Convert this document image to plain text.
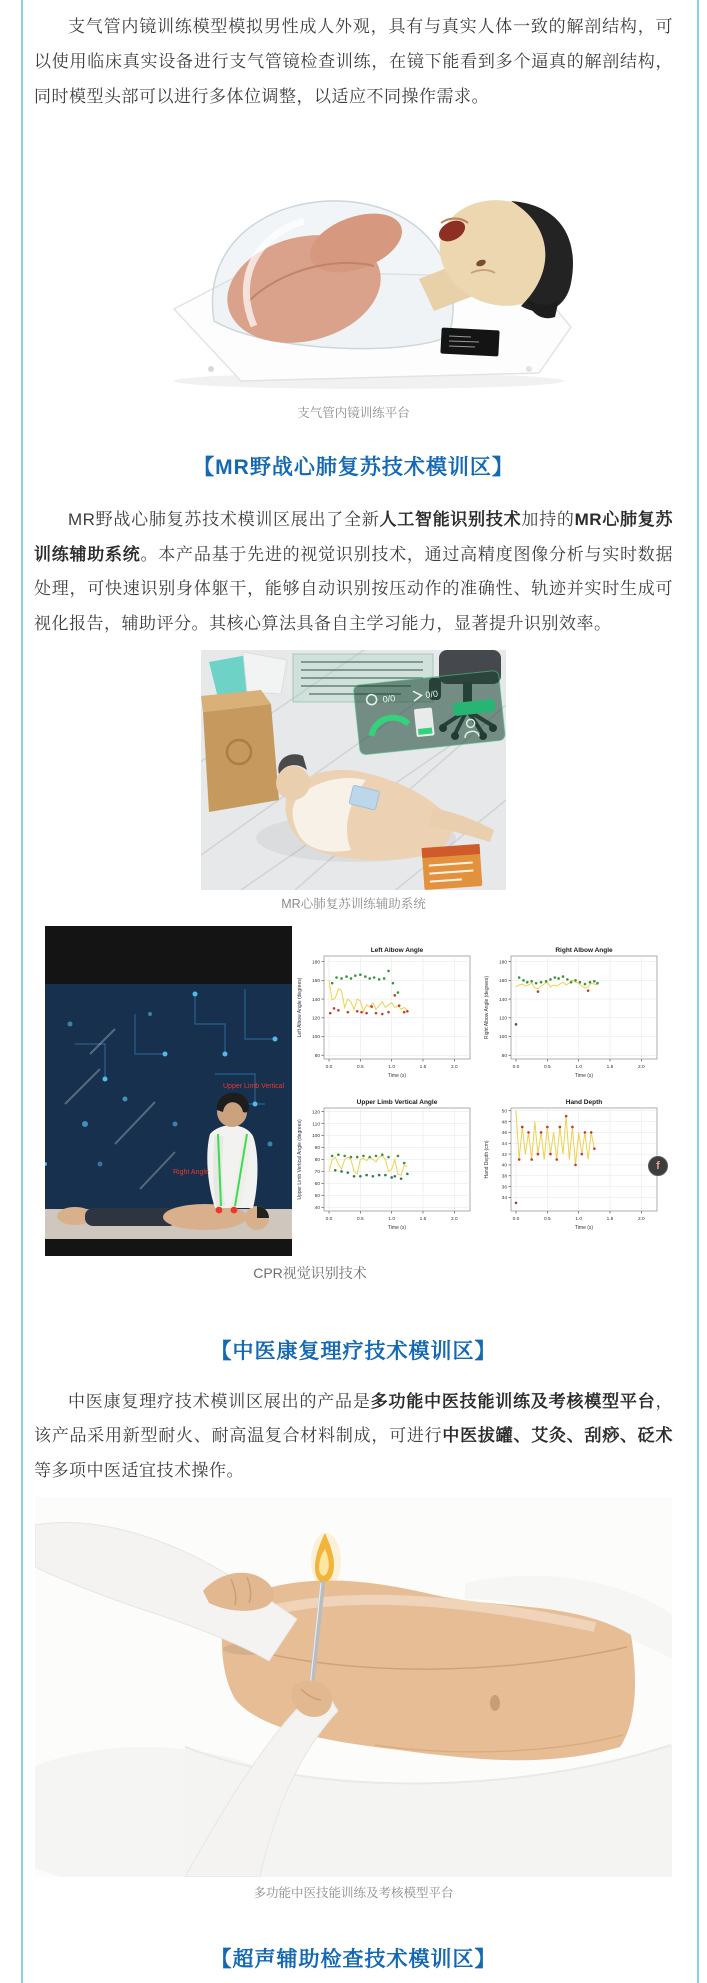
支气管内镜训练模型模拟男性成人外观，具有与真实人体一致的解剖结构，可以使用临床真实设备进行支气管镜检查训练，在镜下能看到多个逼真的解剖结构，同时模型头部可以进行多体位调整，以适应不同操作需求。

支气管内镜训练平台
【MR野战心肺复苏技术模训区】

MR野战心肺复苏技术模训区展出了全新人工智能识别技术加持的MR心肺复苏训练辅助系统。本产品基于先进的视觉识别技术，通过高精度图像分析与实时数据处理，可快速识别身体躯干，能够自动识别按压动作的准确性、轨迹并实时生成可视化报告，辅助评分。其核心算法具备自主学习能力，显著提升识别效率。

0/0	0/0
MR心肺复苏训练辅助系统
Upper Limb Vertical
Right Angle
0.0	0.5	1.0	1.5	2.0
80
100
120
140
160
180
Left Albow Angle
Time (s)
Left Albow Angle (degrees)
0.0	0.5	1.0	1.5	2.0
80
100
120
140
160
180
Right Albow Angle
Time (s)
Right Albow Angle (degrees)
0.0	0.5	1.0	1.5	2.0
40
50
60
70
80
90
100
110
120
Upper Limb Vertical Angle
Time (s)
Upper Limb Vertical Angle (degrees)
0.0	0.5	1.0	1.5	2.0
34
36
38
40
42
44
46
48
50
Hand Depth
Time (s)
Hand Depth (cm)
CPR视觉识别技术
【中医康复理疗技术模训区】

中医康复理疗技术模训区展出的产品是多功能中医技能训练及考核模型平台，该产品采用新型耐火、耐高温复合材料制成，可进行中医拔罐、艾灸、刮痧、砭术等多项中医适宜技术操作。

多功能中医技能训练及考核模型平台
【超声辅助检查技术模训区】
f
